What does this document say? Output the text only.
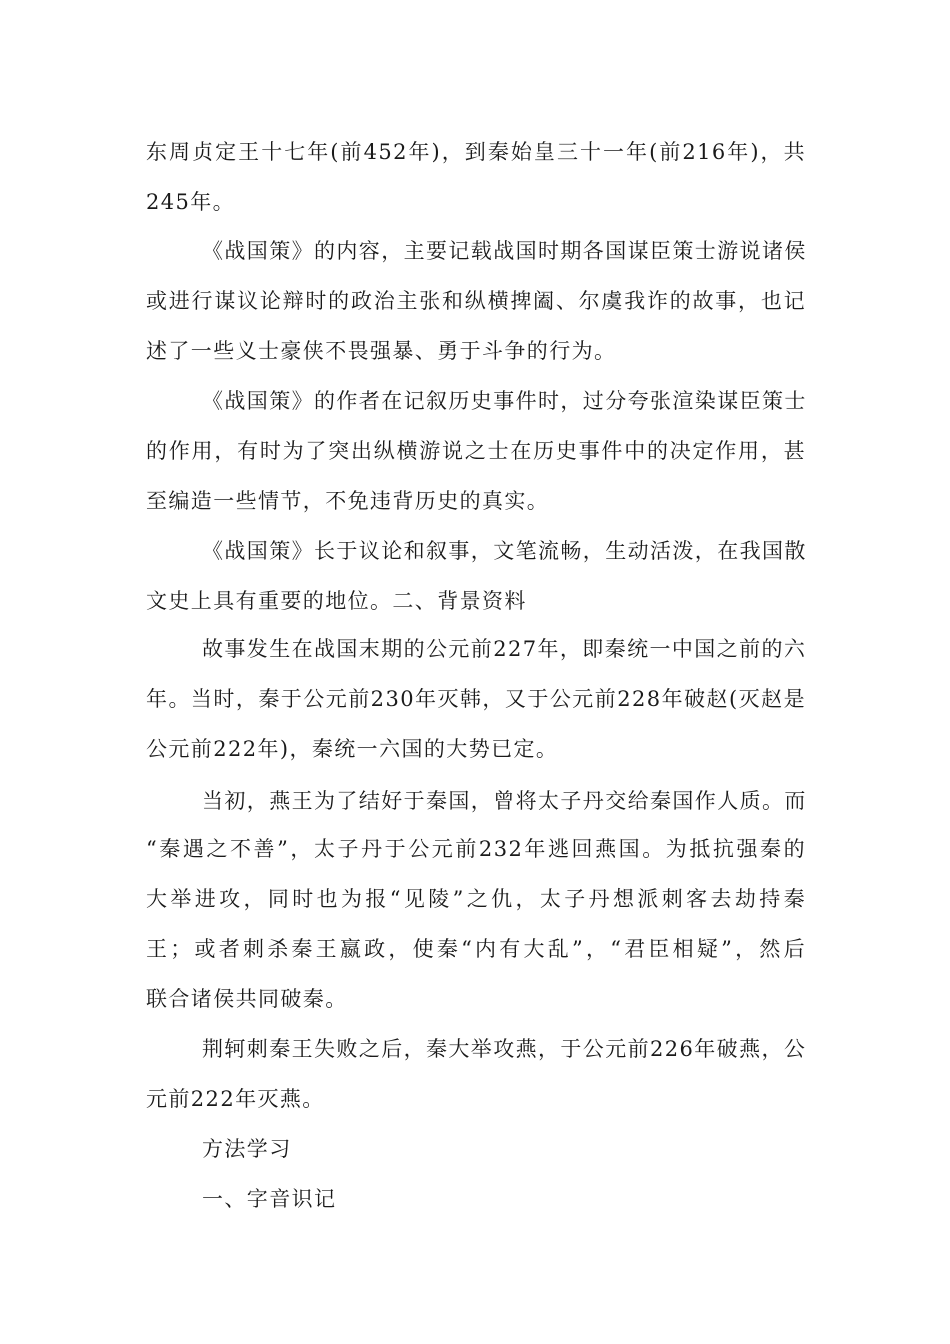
东周贞定王十七年(前452年)，到秦始皇三十一年(前216年)，共
245年。
《战国策》的内容，主要记载战国时期各国谋臣策士游说诸侯
或进行谋议论辩时的政治主张和纵横捭阖、尔虞我诈的故事，也记
述了一些义士豪侠不畏强暴、勇于斗争的行为。
《战国策》的作者在记叙历史事件时，过分夸张渲染谋臣策士
的作用，有时为了突出纵横游说之士在历史事件中的决定作用，甚
至编造一些情节，不免违背历史的真实。
《战国策》长于议论和叙事，文笔流畅，生动活泼，在我国散
文史上具有重要的地位。二、背景资料
故事发生在战国末期的公元前227年，即秦统一中国之前的六
年。当时，秦于公元前230年灭韩，又于公元前228年破赵(灭赵是
公元前222年)，秦统一六国的大势已定。
当初，燕王为了结好于秦国，曾将太子丹交给秦国作人质。而
“秦遇之不善”，太子丹于公元前232年逃回燕国。为抵抗强秦的
大举进攻，同时也为报“见陵”之仇，太子丹想派刺客去劫持秦
王；或者刺杀秦王嬴政，使秦“内有大乱”，“君臣相疑”，然后
联合诸侯共同破秦。
荆轲刺秦王失败之后，秦大举攻燕，于公元前226年破燕，公
元前222年灭燕。
方法学习
一、字音识记
